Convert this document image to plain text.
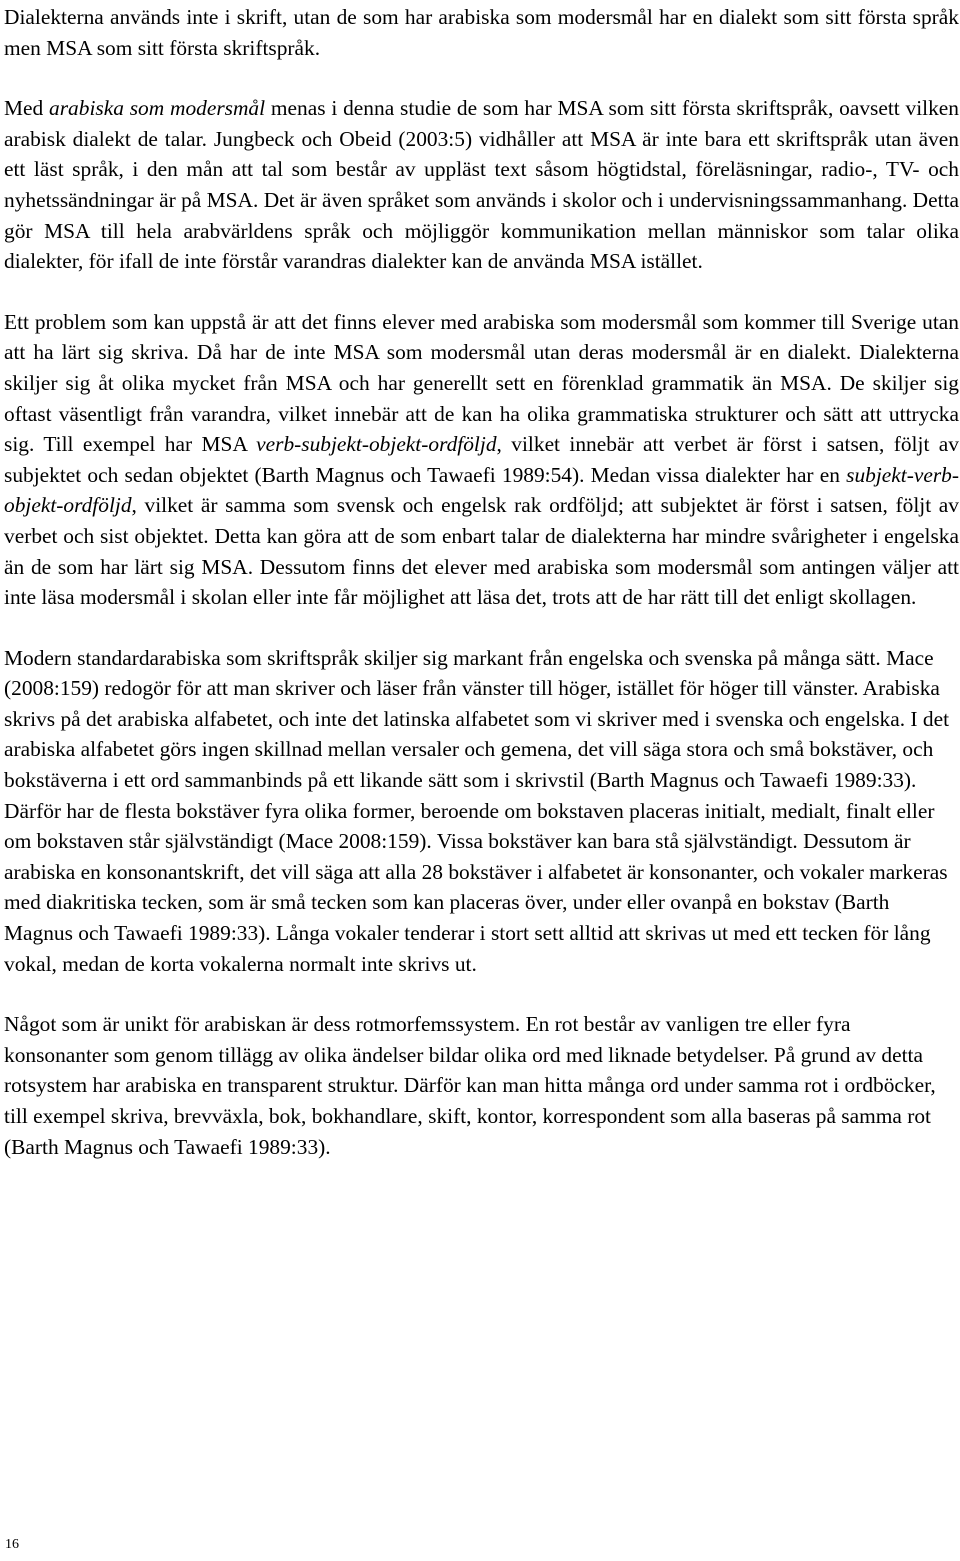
Dialekterna används inte i skrift, utan de som har arabiska som modersmål har en dialekt som sitt första språk men MSA som sitt första skriftspråk.

Med arabiska som modersmål menas i denna studie de som har MSA som sitt första skriftspråk, oavsett vilken arabisk dialekt de talar. Jungbeck och Obeid (2003:5) vidhåller att MSA är inte bara ett skriftspråk utan även ett läst språk, i den mån att tal som består av uppläst text såsom högtidstal, föreläsningar, radio-, TV- och nyhetssändningar är på MSA. Det är även språket som används i skolor och i undervisningssammanhang. Detta gör MSA till hela arabvärldens språk och möjliggör kommunikation mellan människor som talar olika dialekter, för ifall de inte förstår varandras dialekter kan de använda MSA istället.

Ett problem som kan uppstå är att det finns elever med arabiska som modersmål som kommer till Sverige utan att ha lärt sig skriva. Då har de inte MSA som modersmål utan deras modersmål är en dialekt. Dialekterna skiljer sig åt olika mycket från MSA och har generellt sett en förenklad grammatik än MSA. De skiljer sig oftast väsentligt från varandra, vilket innebär att de kan ha olika grammatiska strukturer och sätt att uttrycka sig. Till exempel har MSA verb-subjekt-objekt-ordföljd, vilket innebär att verbet är först i satsen, följt av subjektet och sedan objektet (Barth Magnus och Tawaefi 1989:54). Medan vissa dialekter har en subjekt-verb-objekt-ordföljd, vilket är samma som svensk och engelsk rak ordföljd; att subjektet är först i satsen, följt av verbet och sist objektet. Detta kan göra att de som enbart talar de dialekterna har mindre svårigheter i engelska än de som har lärt sig MSA. Dessutom finns det elever med arabiska som modersmål som antingen väljer att inte läsa modersmål i skolan eller inte får möjlighet att läsa det, trots att de har rätt till det enligt skollagen.

Modern standardarabiska som skriftspråk skiljer sig markant från engelska och svenska på många sätt. Mace (2008:159) redogör för att man skriver och läser från vänster till höger, istället för höger till vänster. Arabiska skrivs på det arabiska alfabetet, och inte det latinska alfabetet som vi skriver med i svenska och engelska. I det arabiska alfabetet görs ingen skillnad mellan versaler och gemena, det vill säga stora och små bokstäver, och bokstäverna i ett ord sammanbinds på ett likande sätt som i skrivstil (Barth Magnus och Tawaefi 1989:33). Därför har de flesta bokstäver fyra olika former, beroende om bokstaven placeras initialt, medialt, finalt eller om bokstaven står självständigt (Mace 2008:159). Vissa bokstäver kan bara stå självständigt. Dessutom är arabiska en konsonantskrift, det vill säga att alla 28 bokstäver i alfabetet är konsonanter, och vokaler markeras med diakritiska tecken, som är små tecken som kan placeras över, under eller ovanpå en bokstav (Barth Magnus och Tawaefi 1989:33). Långa vokaler tenderar i stort sett alltid att skrivas ut med ett tecken för lång vokal, medan de korta vokalerna normalt inte skrivs ut.

Något som är unikt för arabiskan är dess rotmorfemssystem. En rot består av vanligen tre eller fyra konsonanter som genom tillägg av olika ändelser bildar olika ord med liknade betydelser. På grund av detta rotsystem har arabiska en transparent struktur. Därför kan man hitta många ord under samma rot i ordböcker, till exempel skriva, brevväxla, bok, bokhandlare, skift, kontor, korrespondent som alla baseras på samma rot (Barth Magnus och Tawaefi 1989:33).

16
